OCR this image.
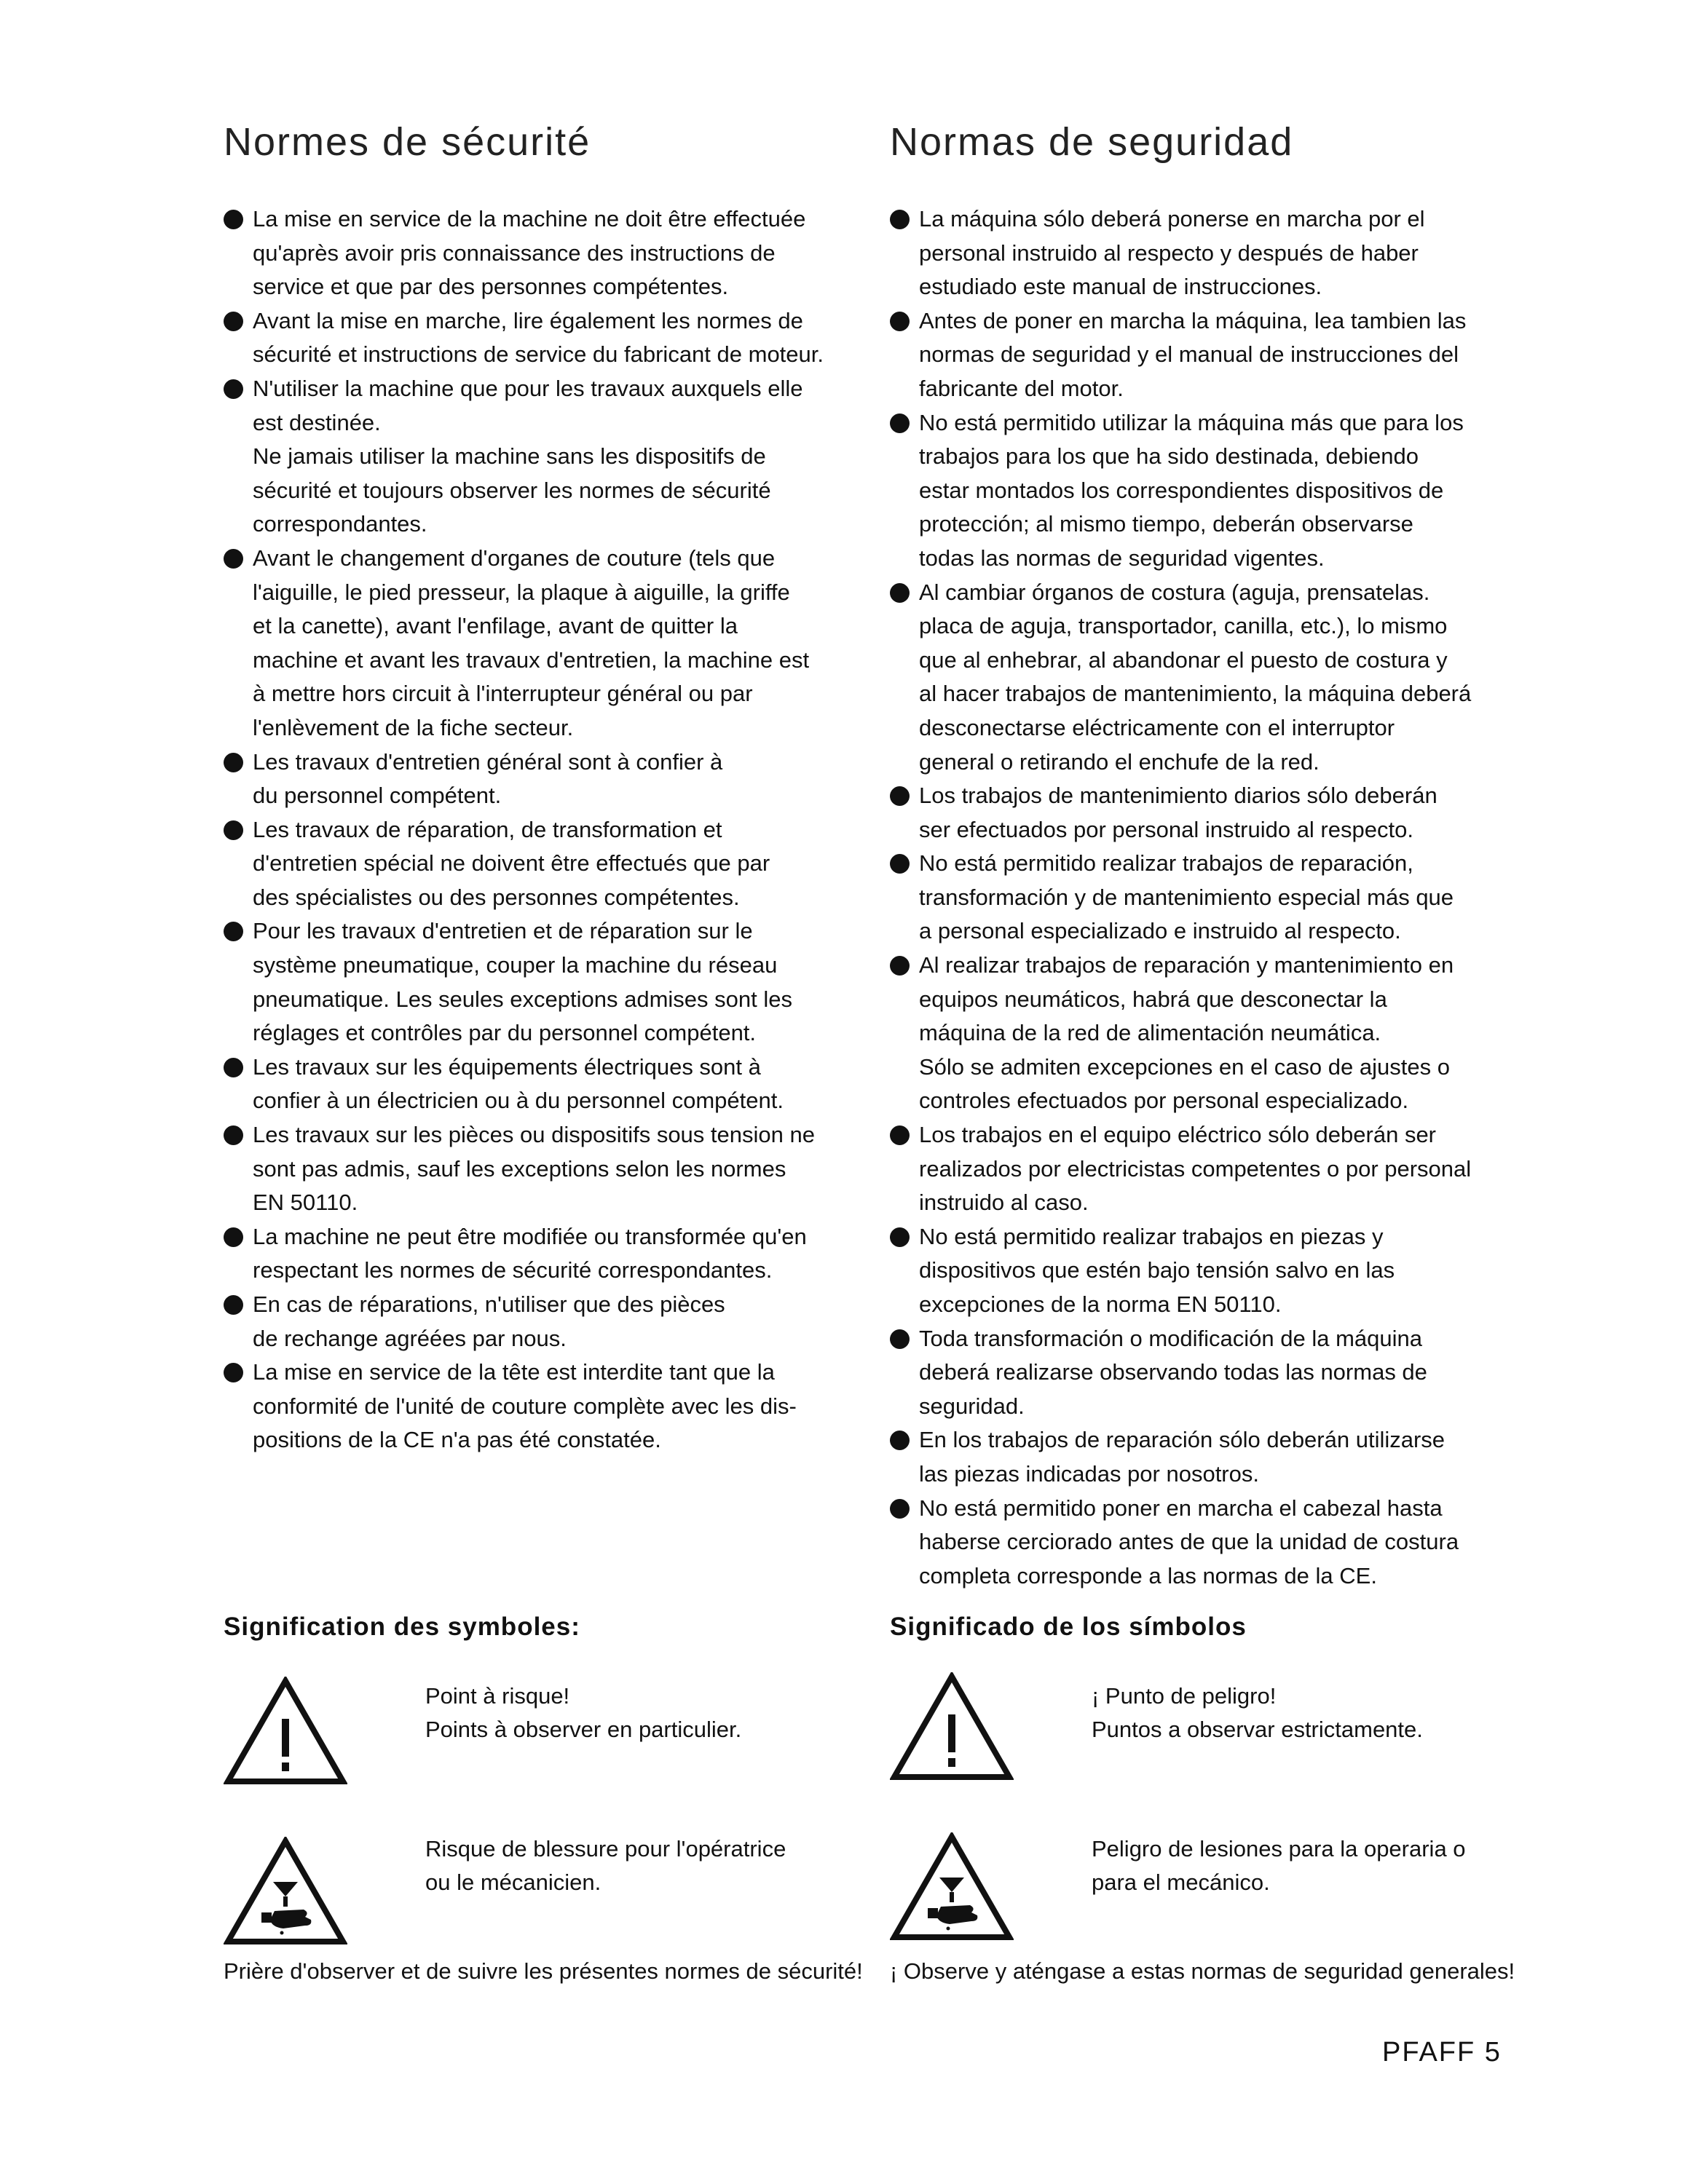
Normes de sécurité
La mise en service de la machine ne doit être effectuée
qu'après avoir pris connaissance des instructions de
service et que par des personnes compétentes.
Avant la mise en marche, lire également les normes de
sécurité et instructions de service du fabricant de moteur.
N'utiliser la machine que pour les travaux auxquels elle
est destinée.
Ne jamais utiliser la machine sans les dispositifs de
sécurité et toujours observer les normes de sécurité
correspondantes.
Avant le changement d'organes de couture (tels que
l'aiguille, le pied presseur, la plaque à aiguille, la griffe
et la canette), avant l'enfilage, avant de quitter la
machine et avant les travaux d'entretien, la machine est
à mettre hors circuit à l'interrupteur général ou par
l'enlèvement de la fiche secteur.
Les travaux d'entretien général sont à confier à
du personnel compétent.
Les travaux de réparation, de transformation et
d'entretien spécial ne doivent être effectués que par
des spécialistes ou des personnes compétentes.
Pour les travaux d'entretien et de réparation sur le
système pneumatique, couper la machine du réseau
pneumatique. Les seules exceptions admises sont les
réglages et contrôles par du personnel compétent.
Les travaux sur les équipements électriques sont à
confier à un électricien ou à du personnel compétent.
Les travaux sur les pièces ou dispositifs sous tension ne
sont pas admis, sauf les exceptions selon les normes
EN 50110.
La machine ne peut être modifiée ou transformée qu'en
respectant les normes de sécurité correspondantes.
En cas de réparations, n'utiliser que des pièces
de rechange agréées par nous.
La mise en service de la tête est interdite tant que la
conformité de l'unité de couture complète avec les dis-
positions de la CE n'a pas été constatée.
Normas de seguridad
La máquina sólo deberá ponerse en marcha por el
personal instruido al respecto y después de haber
estudiado este manual de instrucciones.
Antes de poner en marcha la máquina, lea tambien las
normas de seguridad y el manual de instrucciones del
fabricante del motor.
No está permitido utilizar la máquina más que para los
trabajos para los que ha sido destinada, debiendo
estar montados los correspondientes dispositivos de
protección; al mismo tiempo, deberán observarse
todas las normas de seguridad vigentes.
Al cambiar órganos de costura (aguja, prensatelas.
placa de aguja, transportador, canilla, etc.), lo mismo
que al enhebrar, al abandonar el puesto de costura y
al hacer trabajos de mantenimiento, la máquina deberá
desconectarse eléctricamente con el interruptor
general o retirando el enchufe de la red.
Los trabajos de mantenimiento diarios sólo deberán
ser efectuados por personal instruido al respecto.
No está permitido realizar trabajos de reparación,
transformación y de mantenimiento especial más que
a personal especializado e instruido al respecto.
Al realizar trabajos de reparación y mantenimiento en
equipos neumáticos, habrá que desconectar la
máquina de la red de alimentación neumática.
Sólo se admiten excepciones en el caso de ajustes o
controles efectuados por personal especializado.
Los trabajos en el equipo eléctrico sólo deberán ser
realizados por electricistas competentes o por personal
instruido al caso.
No está permitido realizar trabajos en piezas y
dispositivos que estén bajo tensión salvo en las
excepciones de la norma EN 50110.
Toda transformación o modificación de la máquina
deberá realizarse observando todas las normas de
seguridad.
En los trabajos de reparación sólo deberán utilizarse
las piezas indicadas por nosotros.
No está permitido poner en marcha el cabezal hasta
haberse cerciorado antes de que la unidad de costura
completa corresponde a las normas de la CE.
Signification des symboles:
Point à risque!
Points à observer en particulier.
Risque de blessure pour l'opératrice
ou le mécanicien.
Prière d'observer et de suivre les présentes normes de sécurité!
Significado de los símbolos
¡ Punto de peligro!
Puntos a observar estrictamente.
Peligro de lesiones para la operaria o
para el mecánico.
¡ Observe y aténgase a estas normas de seguridad generales!
PFAFF 5
